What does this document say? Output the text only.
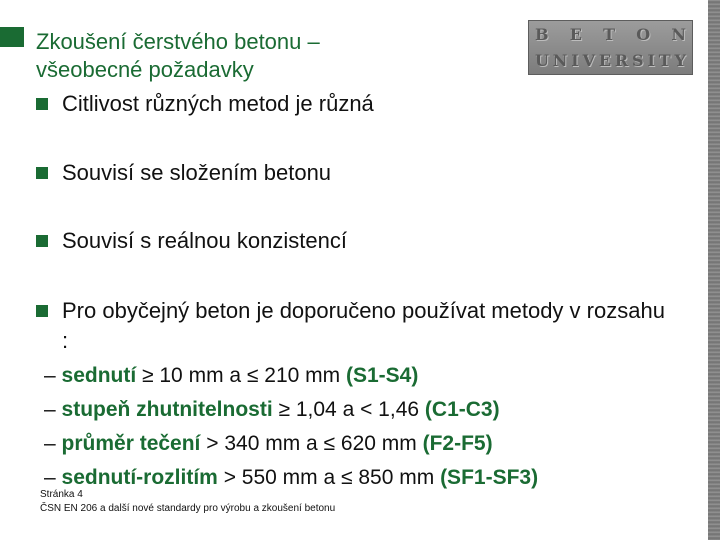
Zkoušení čerstvého betonu –
všeobecné požadavky
B E T O N
U N I V E R S I T Y
Citlivost různých metod je různá
Souvisí se složením betonu
Souvisí s reálnou konzistencí
Pro obyčejný beton je doporučeno používat metody v rozsahu :
– sednutí ≥ 10 mm a ≤ 210 mm (S1-S4)
– stupeň zhutnitelnosti ≥ 1,04 a < 1,46 (C1-C3)
– průměr tečení > 340 mm a ≤ 620 mm (F2-F5)
– sednutí-rozlitím > 550 mm a ≤ 850 mm (SF1-SF3)
Stránka 4
ČSN EN 206 a další nové standardy pro výrobu a zkoušení betonu
